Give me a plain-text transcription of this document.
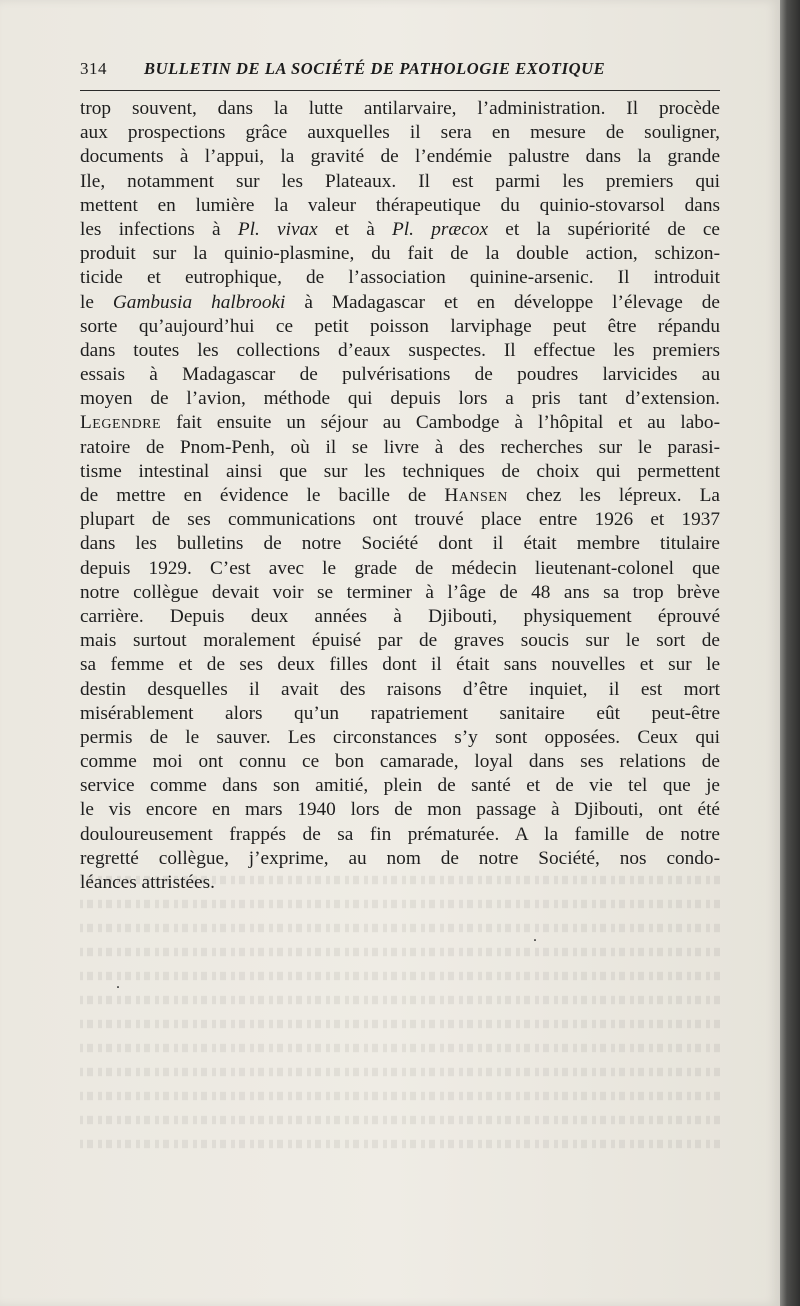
314 BULLETIN DE LA SOCIÉTÉ DE PATHOLOGIE EXOTIQUE
trop souvent, dans la lutte antilarvaire, l’administration. Il procède
aux prospections grâce auxquelles il sera en mesure de souligner,
documents à l’appui, la gravité de l’endémie palustre dans la grande
Ile, notamment sur les Plateaux. Il est parmi les premiers qui
mettent en lumière la valeur thérapeutique du quinio-stovarsol dans
les infections à Pl. vivax et à Pl. præcox et la supériorité de ce
produit sur la quinio-plasmine, du fait de la double action, schizon-
ticide et eutrophique, de l’association quinine-arsenic. Il introduit
le Gambusia halbrooki à Madagascar et en développe l’élevage de
sorte qu’aujourd’hui ce petit poisson larviphage peut être répandu
dans toutes les collections d’eaux suspectes. Il effectue les premiers
essais à Madagascar de pulvérisations de poudres larvicides au
moyen de l’avion, méthode qui depuis lors a pris tant d’extension.
Legendre fait ensuite un séjour au Cambodge à l’hôpital et au labo-
ratoire de Pnom-Penh, où il se livre à des recherches sur le parasi-
tisme intestinal ainsi que sur les techniques de choix qui permettent
de mettre en évidence le bacille de Hansen chez les lépreux. La
plupart de ses communications ont trouvé place entre 1926 et 1937
dans les bulletins de notre Société dont il était membre titulaire
depuis 1929. C’est avec le grade de médecin lieutenant-colonel que
notre collègue devait voir se terminer à l’âge de 48 ans sa trop brève
carrière. Depuis deux années à Djibouti, physiquement éprouvé
mais surtout moralement épuisé par de graves soucis sur le sort de
sa femme et de ses deux filles dont il était sans nouvelles et sur le
destin desquelles il avait des raisons d’être inquiet, il est mort
misérablement alors qu’un rapatriement sanitaire eût peut-être
permis de le sauver. Les circonstances s’y sont opposées. Ceux qui
comme moi ont connu ce bon camarade, loyal dans ses relations de
service comme dans son amitié, plein de santé et de vie tel que je
le vis encore en mars 1940 lors de mon passage à Djibouti, ont été
douloureusement frappés de sa fin prématurée. A la famille de notre
regretté collègue, j’exprime, au nom de notre Société, nos condo-
léances attristées.
.
.
